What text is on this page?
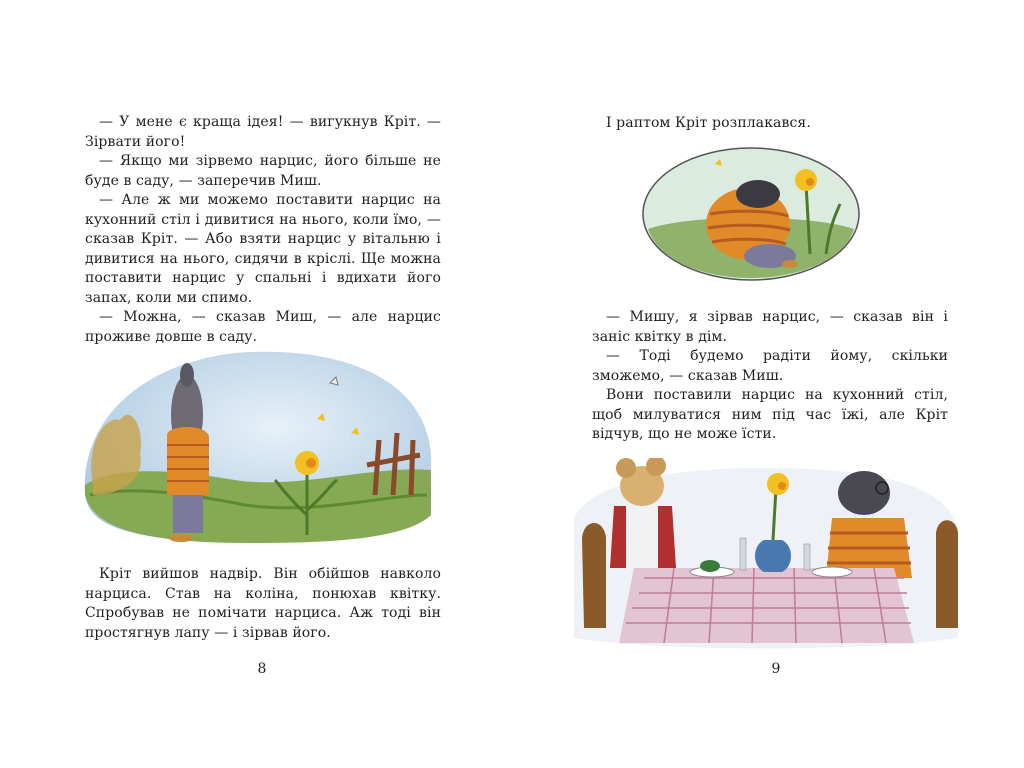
— У мене є краща ідея! — вигукнув Кріт. — Зірвати його!

— Якщо ми зірвемо нарцис, його більше не буде в саду, — заперечив Миш.

— Але ж ми можемо поставити нарцис на кухонний стіл і дивитися на нього, коли їмо, — сказав Кріт. — Або взяти нарцис у вітальню і дивитися на нього, сидячи в кріслі. Ще можна поставити нарцис у спальні і вдихати його запах, коли ми спимо.

— Можна, — сказав Миш, — але нарцис проживе довше в саду.

Кріт вийшов надвір. Він обійшов навколо нарциса. Став на коліна, понюхав квітку. Спробував не помічати нарциса. Аж тоді він простягнув лапу — і зірвав його.

8

І раптом Кріт розплакався.

— Мишу, я зірвав нарцис, — сказав він і заніс квітку в дім.

— Тоді будемо радіти йому, скільки зможемо, — сказав Миш.

Вони поставили нарцис на кухонний стіл, щоб милуватися ним під час їжі, але Кріт відчув, що не може їсти.

9
